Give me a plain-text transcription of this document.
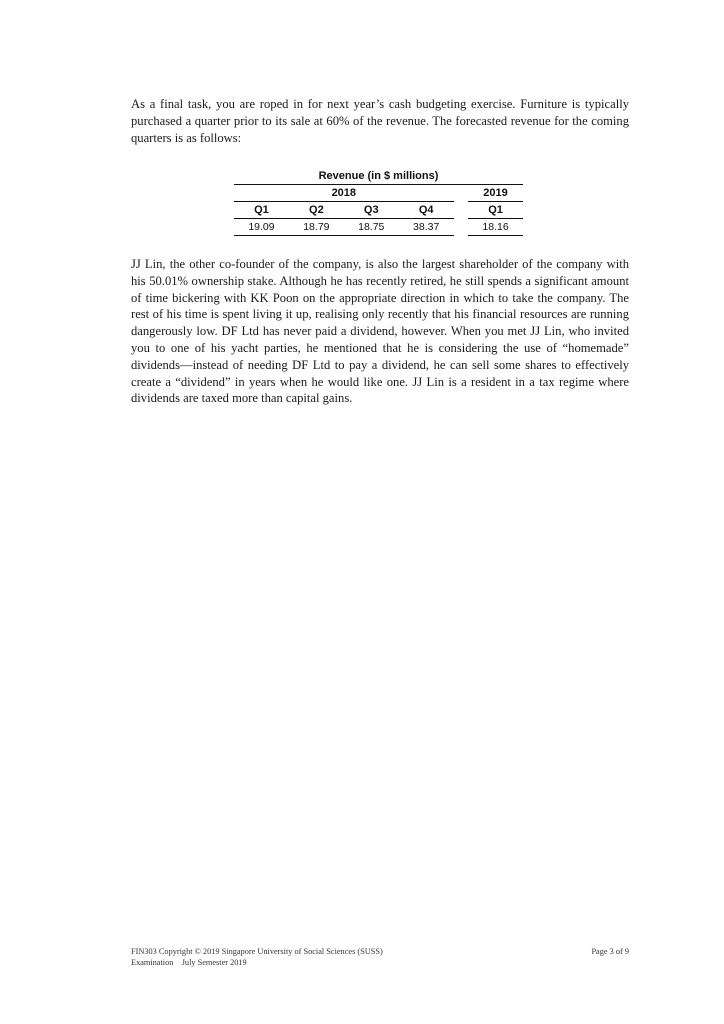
As a final task, you are roped in for next year’s cash budgeting exercise. Furniture is typically purchased a quarter prior to its sale at 60% of the revenue. The forecasted revenue for the coming quarters is as follows:

Revenue (in $ millions)					
2018					2019
Q1	Q2	Q3	Q4		Q1
19.09	18.79	18.75	38.37		18.16

JJ Lin, the other co-founder of the company, is also the largest shareholder of the company with his 50.01% ownership stake. Although he has recently retired, he still spends a significant amount of time bickering with KK Poon on the appropriate direction in which to take the company. The rest of his time is spent living it up, realising only recently that his financial resources are running dangerously low. DF Ltd has never paid a dividend, however. When you met JJ Lin, who invited you to one of his yacht parties, he mentioned that he is considering the use of “homemade” dividends—instead of needing DF Ltd to pay a dividend, he can sell some shares to effectively create a “dividend” in years when he would like one. JJ Lin is a resident in a tax regime where dividends are taxed more than capital gains.

FIN303 Copyright © 2019 Singapore University of Social Sciences (SUSS)
Examination    July Semester 2019
Page 3 of 9
